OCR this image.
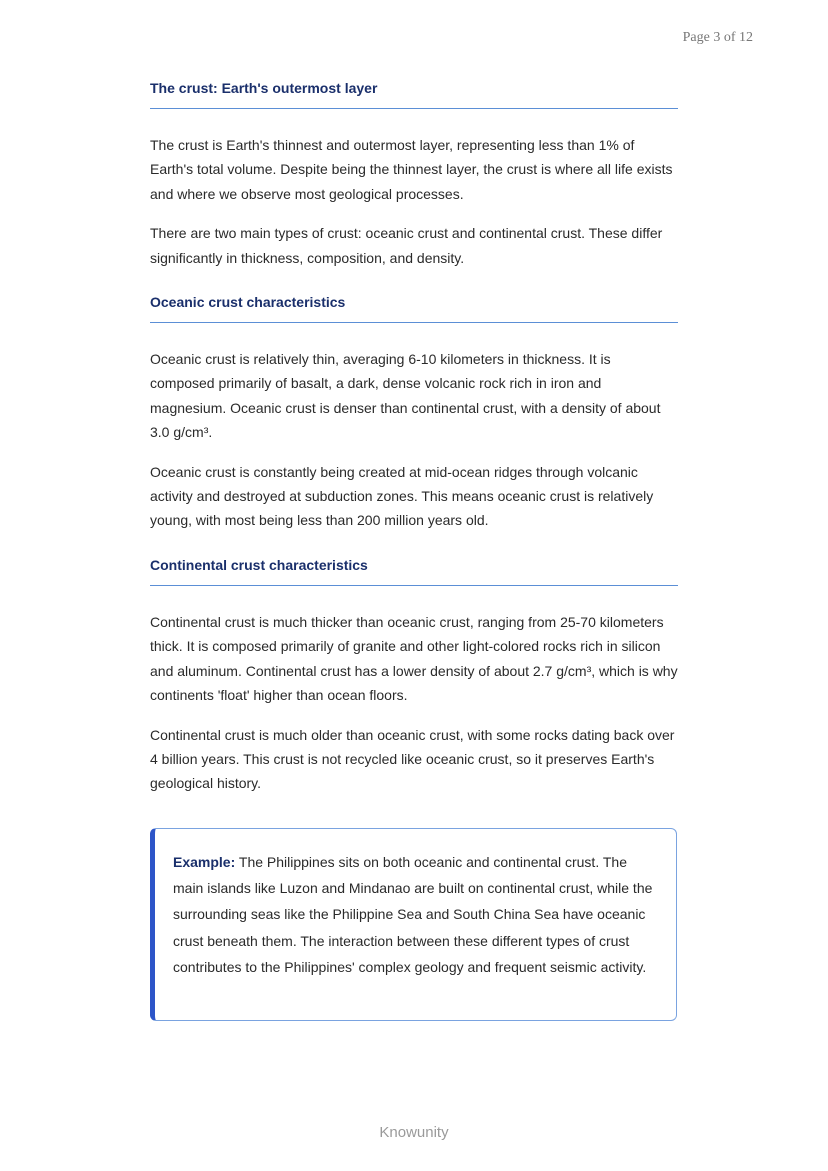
Page 3 of 12
The crust: Earth's outermost layer

The crust is Earth's thinnest and outermost layer, representing less than 1% of Earth's total volume. Despite being the thinnest layer, the crust is where all life exists and where we observe most geological processes.

There are two main types of crust: oceanic crust and continental crust. These differ significantly in thickness, composition, and density.

Oceanic crust characteristics

Oceanic crust is relatively thin, averaging 6-10 kilometers in thickness. It is composed primarily of basalt, a dark, dense volcanic rock rich in iron and magnesium. Oceanic crust is denser than continental crust, with a density of about 3.0 g/cm³.

Oceanic crust is constantly being created at mid-ocean ridges through volcanic activity and destroyed at subduction zones. This means oceanic crust is relatively young, with most being less than 200 million years old.

Continental crust characteristics

Continental crust is much thicker than oceanic crust, ranging from 25-70 kilometers thick. It is composed primarily of granite and other light-colored rocks rich in silicon and aluminum. Continental crust has a lower density of about 2.7 g/cm³, which is why continents 'float' higher than ocean floors.

Continental crust is much older than oceanic crust, with some rocks dating back over 4 billion years. This crust is not recycled like oceanic crust, so it preserves Earth's geological history.

Example: The Philippines sits on both oceanic and continental crust. The main islands like Luzon and Mindanao are built on continental crust, while the surrounding seas like the Philippine Sea and South China Sea have oceanic crust beneath them. The interaction between these different types of crust contributes to the Philippines' complex geology and frequent seismic activity.

Knowunity
